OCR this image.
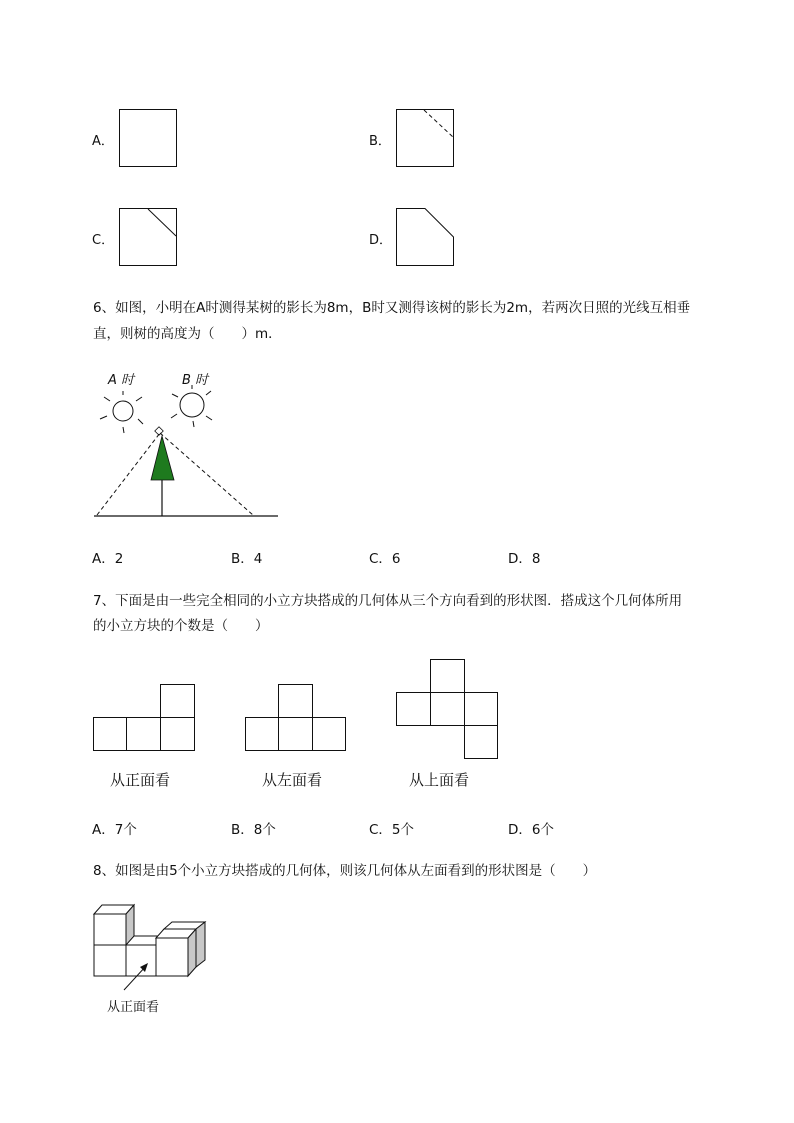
A．	B．
C．	D．
6、如图，小明在A时测得某树的影长为8m，B时又测得该树的影长为2m，若两次日照的光线互相垂
直，则树的高度为（　　）m．
A 时	B 时
A．2	B．4	C．6	D．8
7、下面是由一些完全相同的小立方块搭成的几何体从三个方向看到的形状图．搭成这个几何体所用
的小立方块的个数是（　　）
从正面看	从左面看	从上面看
A．7个	B．8个	C．5个	D．6个
8、如图是由5个小立方块搭成的几何体，则该几何体从左面看到的形状图是（　　）
从正面看
